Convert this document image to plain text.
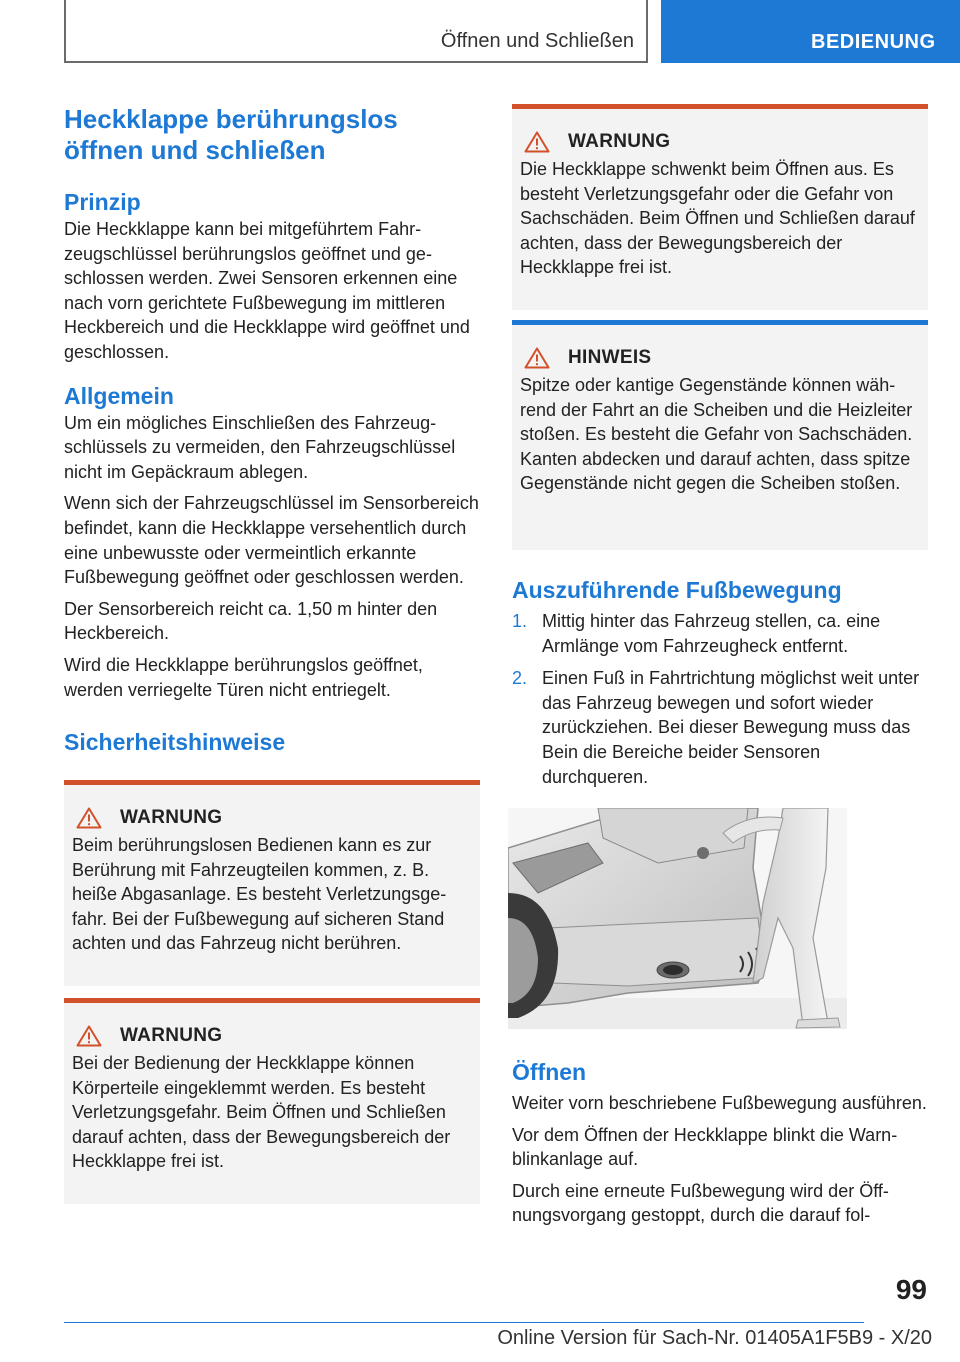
Öffnen und Schließen	BEDIENUNG
Heckklappe berührungslos öffnen und schließen
Prinzip

Die Heckklappe kann bei mitgeführtem Fahrzeugschlüssel berührungslos geöffnet und geschlossen werden. Zwei Sensoren erkennen eine nach vorn gerichtete Fußbewegung im mittleren Heckbereich und die Heckklappe wird geöffnet und geschlossen.

Allgemein

Um ein mögliches Einschließen des Fahrzeugschlüssels zu vermeiden, den Fahrzeugschlüssel nicht im Gepäckraum ablegen.

Wenn sich der Fahrzeugschlüssel im Sensorbereich befindet, kann die Heckklappe versehentlich durch eine unbewusste oder vermeintlich erkannte Fußbewegung geöffnet oder geschlossen werden.

Der Sensorbereich reicht ca. 1,50 m hinter den Heckbereich.

Wird die Heckklappe berührungslos geöffnet, werden verriegelte Türen nicht entriegelt.

Sicherheitshinweise
WARNUNG

Beim berührungslosen Bedienen kann es zur Berührung mit Fahrzeugteilen kommen, z. B. heiße Abgasanlage. Es besteht Verletzungsgefahr. Bei der Fußbewegung auf sicheren Stand achten und das Fahrzeug nicht berühren.

WARNUNG

Bei der Bedienung der Heckklappe können Körperteile eingeklemmt werden. Es besteht Verletzungsgefahr. Beim Öffnen und Schließen darauf achten, dass der Bewegungsbereich der Heckklappe frei ist.

WARNUNG

Die Heckklappe schwenkt beim Öffnen aus. Es besteht Verletzungsgefahr oder die Gefahr von Sachschäden. Beim Öffnen und Schließen darauf achten, dass der Bewegungsbereich der Heckklappe frei ist.

HINWEIS

Spitze oder kantige Gegenstände können während der Fahrt an die Scheiben und die Heizleiter stoßen. Es besteht die Gefahr von Sachschäden. Kanten abdecken und darauf achten, dass spitze Gegenstände nicht gegen die Scheiben stoßen.

Auszuführende Fußbewegung
1. Mittig hinter das Fahrzeug stellen, ca. eine Armlänge vom Fahrzeugheck entfernt.
2. Einen Fuß in Fahrtrichtung möglichst weit unter das Fahrzeug bewegen und sofort wieder zurückziehen. Bei dieser Bewegung muss das Bein die Bereiche beider Sensoren durchqueren.
Öffnen

Weiter vorn beschriebene Fußbewegung ausführen.

Vor dem Öffnen der Heckklappe blinkt die Warnblinkanlage auf.

Durch eine erneute Fußbewegung wird der Öffnungsvorgang gestoppt, durch die darauf fol-

99
Online Version für Sach-Nr. 01405A1F5B9 - X/20
